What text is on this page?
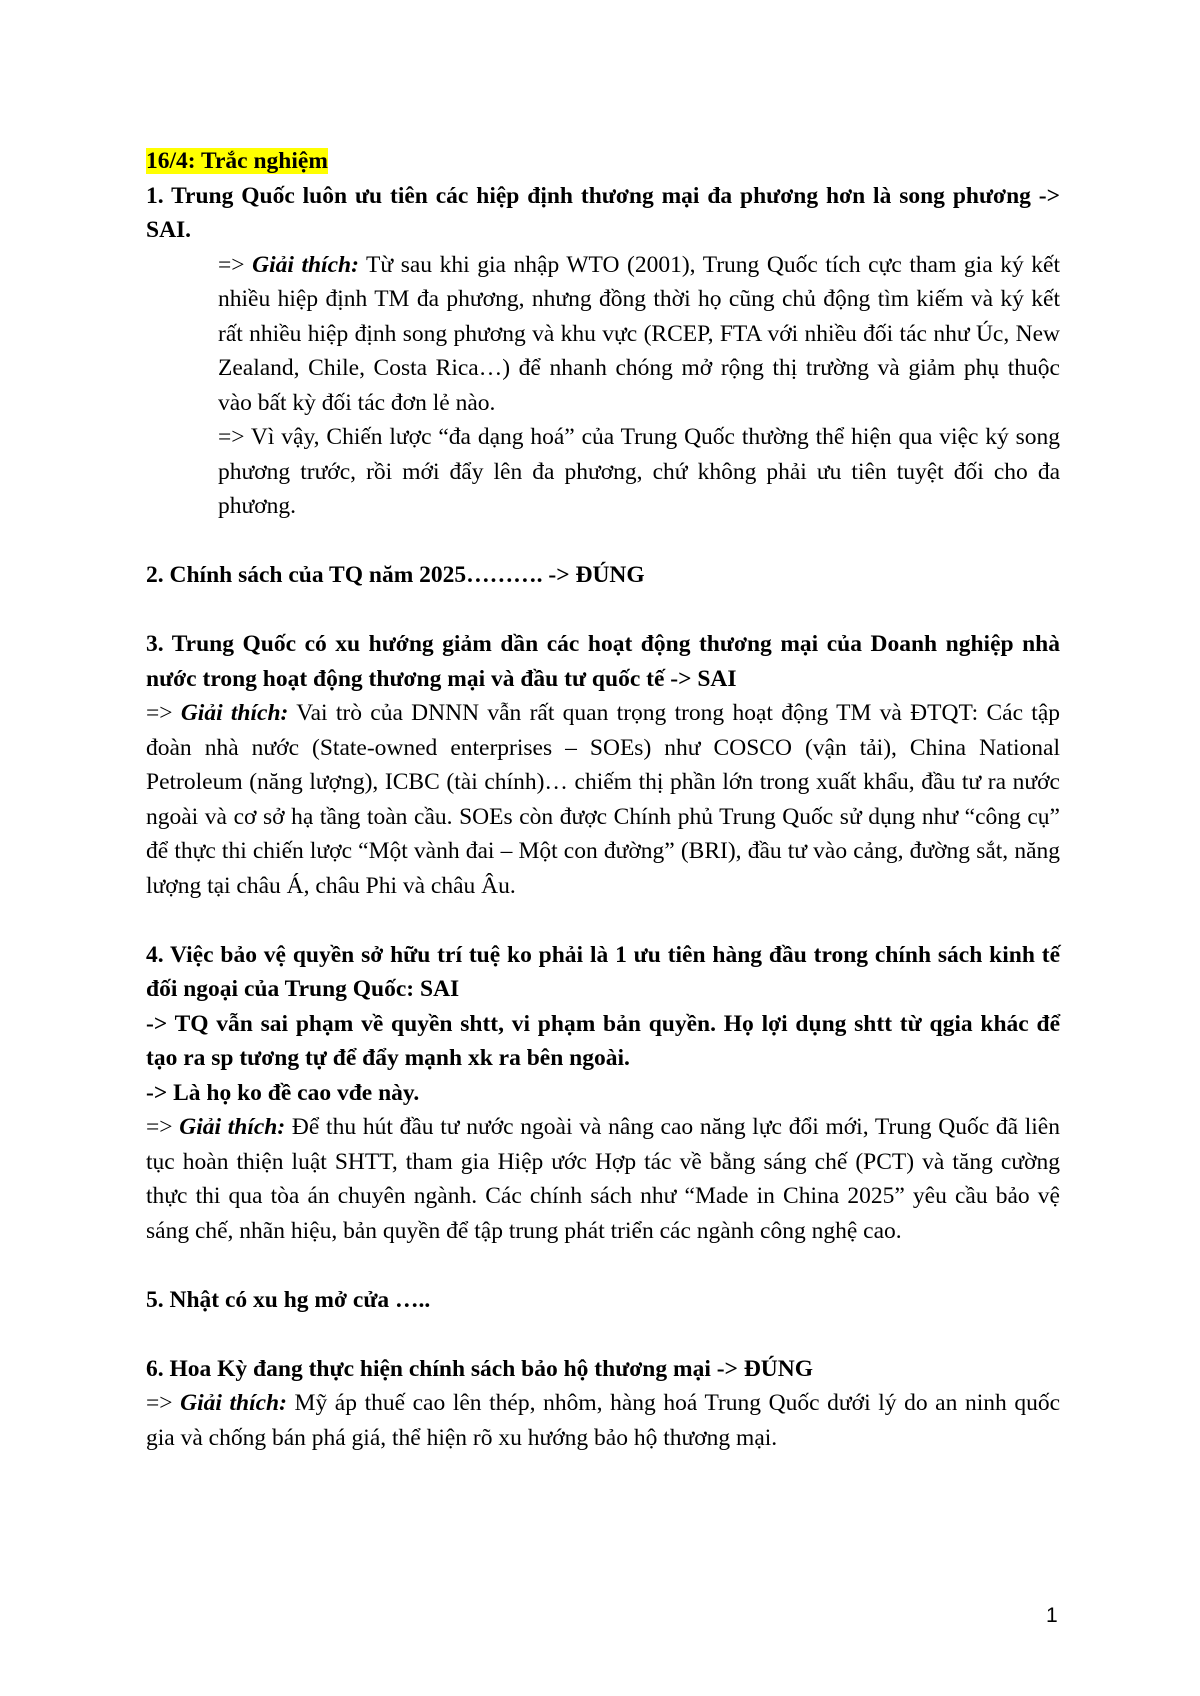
16/4: Trắc nghiệm

1. Trung Quốc luôn ưu tiên các hiệp định thương mại đa phương hơn là song phương -> SAI.

=> Giải thích: Từ sau khi gia nhập WTO (2001), Trung Quốc tích cực tham gia ký kết nhiều hiệp định TM đa phương, nhưng đồng thời họ cũng chủ động tìm kiếm và ký kết rất nhiều hiệp định song phương và khu vực (RCEP, FTA với nhiều đối tác như Úc, New Zealand, Chile, Costa Rica…) để nhanh chóng mở rộng thị trường và giảm phụ thuộc vào bất kỳ đối tác đơn lẻ nào.

=> Vì vậy, Chiến lược “đa dạng hoá” của Trung Quốc thường thể hiện qua việc ký song phương trước, rồi mới đẩy lên đa phương, chứ không phải ưu tiên tuyệt đối cho đa phương.

2. Chính sách của TQ năm 2025………. -> ĐÚNG

3. Trung Quốc có xu hướng giảm dần các hoạt động thương mại của Doanh nghiệp nhà nước trong hoạt động thương mại và đầu tư quốc tế -> SAI

=> Giải thích: Vai trò của DNNN vẫn rất quan trọng trong hoạt động TM và ĐTQT: Các tập đoàn nhà nước (State-owned enterprises – SOEs) như COSCO (vận tải), China National Petroleum (năng lượng), ICBC (tài chính)… chiếm thị phần lớn trong xuất khẩu, đầu tư ra nước ngoài và cơ sở hạ tầng toàn cầu. SOEs còn được Chính phủ Trung Quốc sử dụng như “công cụ” để thực thi chiến lược “Một vành đai – Một con đường” (BRI), đầu tư vào cảng, đường sắt, năng lượng tại châu Á, châu Phi và châu Âu.

4. Việc bảo vệ quyền sở hữu trí tuệ ko phải là 1 ưu tiên hàng đầu trong chính sách kinh tế đối ngoại của Trung Quốc: SAI

-> TQ vẫn sai phạm về quyền shtt, vi phạm bản quyền. Họ lợi dụng shtt từ qgia khác để tạo ra sp tương tự để đẩy mạnh xk ra bên ngoài.

-> Là họ ko đề cao vđe này.

=> Giải thích: Để thu hút đầu tư nước ngoài và nâng cao năng lực đổi mới, Trung Quốc đã liên tục hoàn thiện luật SHTT, tham gia Hiệp ước Hợp tác về bằng sáng chế (PCT) và tăng cường thực thi qua tòa án chuyên ngành. Các chính sách như “Made in China 2025” yêu cầu bảo vệ sáng chế, nhãn hiệu, bản quyền để tập trung phát triển các ngành công nghệ cao.

5. Nhật có xu hg mở cửa …..

6. Hoa Kỳ đang thực hiện chính sách bảo hộ thương mại -> ĐÚNG

=> Giải thích: Mỹ áp thuế cao lên thép, nhôm, hàng hoá Trung Quốc dưới lý do an ninh quốc gia và chống bán phá giá, thể hiện rõ xu hướng bảo hộ thương mại.

1
